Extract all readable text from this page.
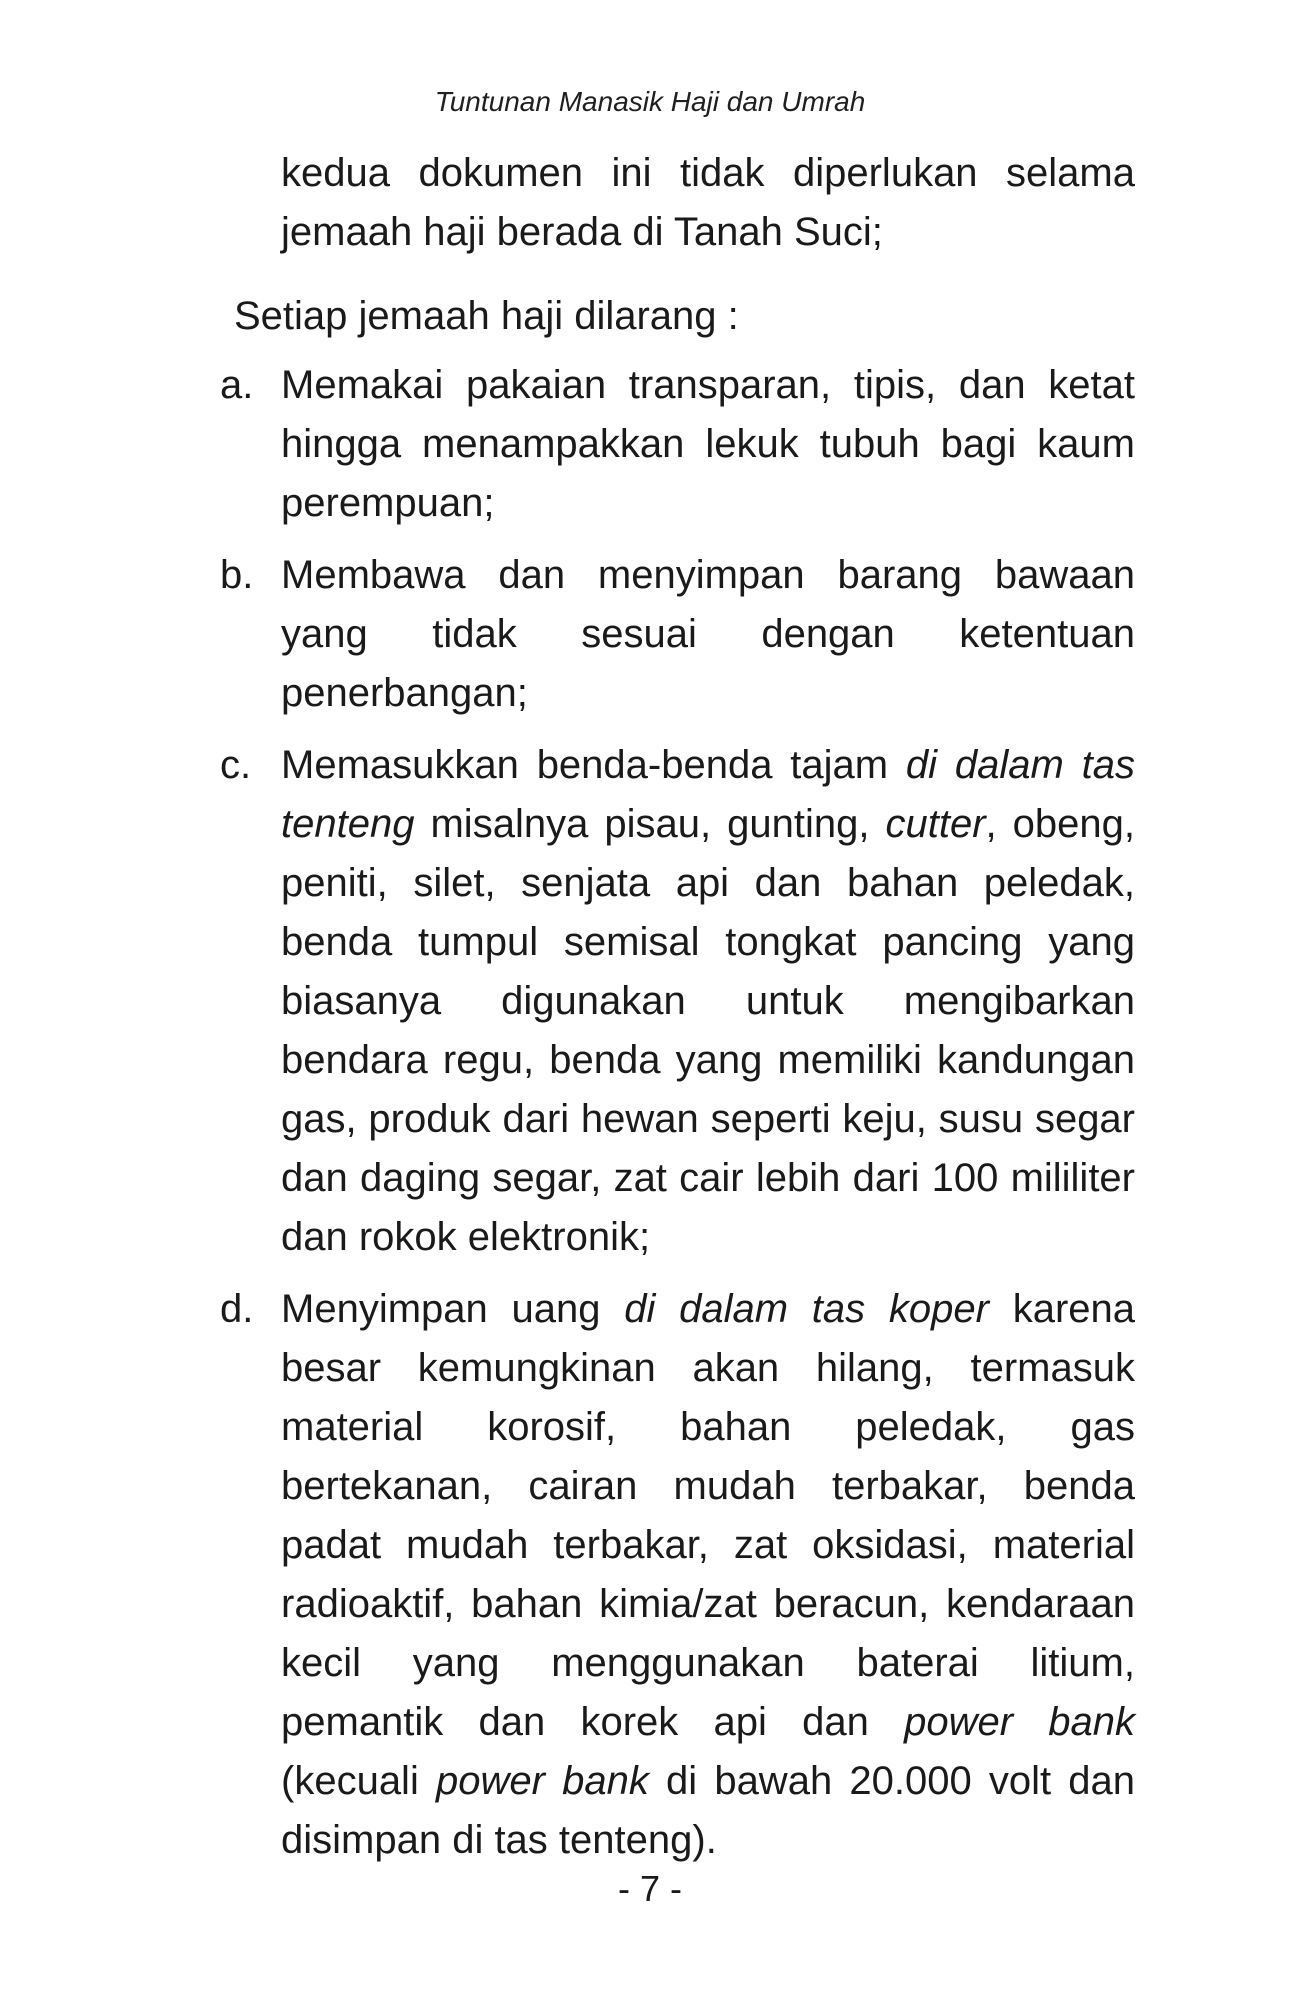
Tuntunan Manasik Haji dan Umrah

kedua dokumen ini tidak diperlukan selama jemaah haji berada di Tanah Suci;

Setiap jemaah haji dilarang :

a. Memakai pakaian transparan, tipis, dan ketat hingga menampakkan lekuk tubuh bagi kaum perempuan;
b. Membawa dan menyimpan barang bawaan yang tidak sesuai dengan ketentuan penerbangan;
c. Memasukkan benda-benda tajam di dalam tas tenteng misalnya pisau, gunting, cutter, obeng, peniti, silet, senjata api dan bahan peledak, benda tumpul semisal tongkat pancing yang biasanya digunakan untuk mengibarkan bendara regu, benda yang memiliki kandungan gas, produk dari hewan seperti keju, susu segar dan daging segar, zat cair lebih dari 100 mililiter dan rokok elektronik;
d. Menyimpan uang di dalam tas koper karena besar kemungkinan akan hilang, termasuk material korosif, bahan peledak, gas bertekanan, cairan mudah terbakar, benda padat mudah terbakar, zat oksidasi, material radioaktif, bahan kimia/zat beracun, kendaraan kecil yang menggunakan baterai litium, pemantik dan korek api dan power bank (kecuali power bank di bawah 20.000 volt dan disimpan di tas tenteng).
- 7 -
